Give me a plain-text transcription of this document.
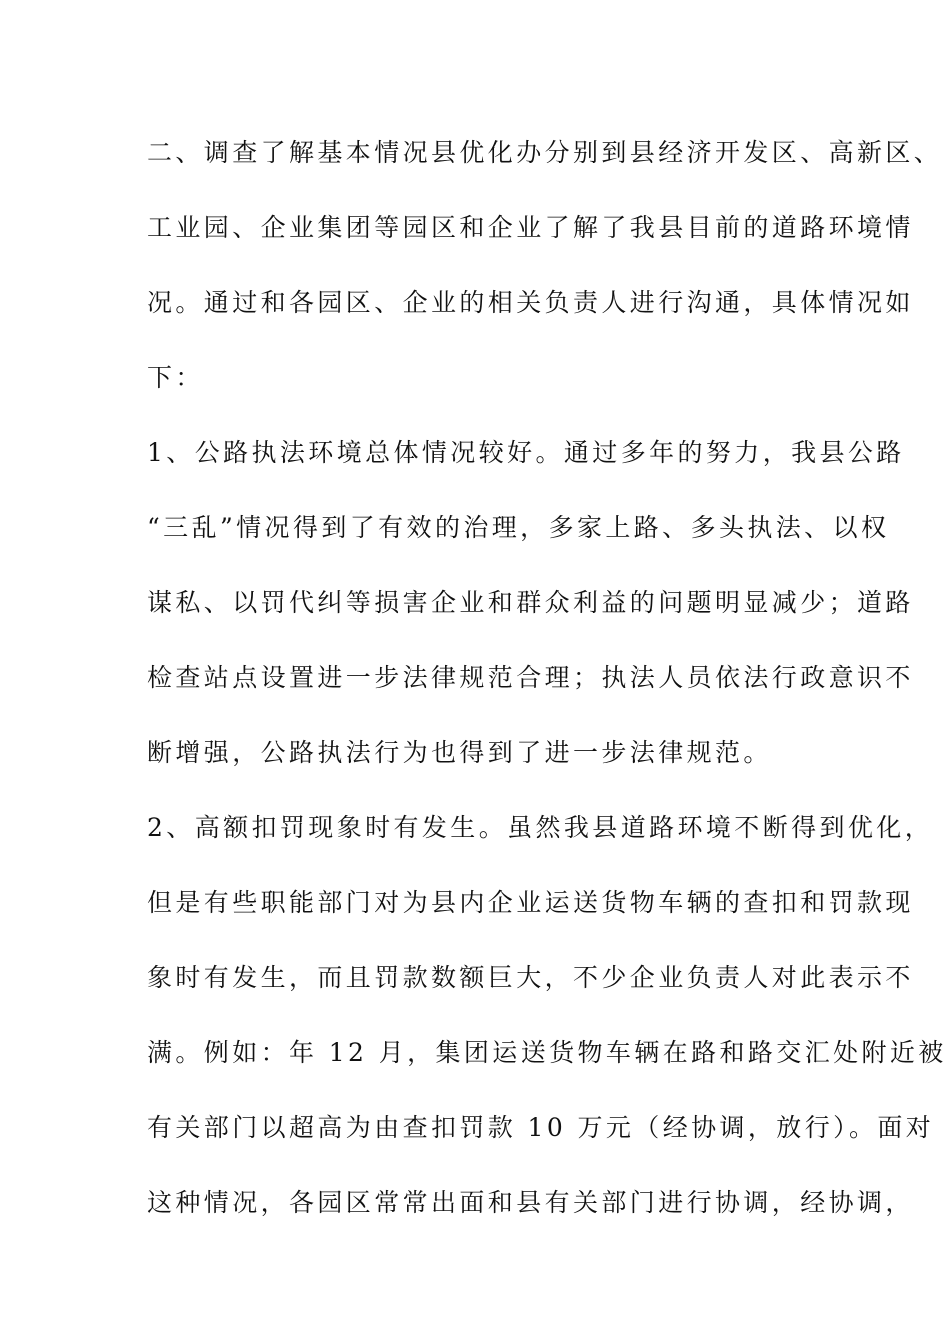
二、调查了解基本情况县优化办分别到县经济开发区、高新区、
工业园、企业集团等园区和企业了解了我县目前的道路环境情
况。通过和各园区、企业的相关负责人进行沟通，具体情况如
下：
1、公路执法环境总体情况较好。通过多年的努力，我县公路
“三乱”情况得到了有效的治理，多家上路、多头执法、以权
谋私、以罚代纠等损害企业和群众利益的问题明显减少；道路
检查站点设置进一步法律规范合理；执法人员依法行政意识不
断增强，公路执法行为也得到了进一步法律规范。
2、高额扣罚现象时有发生。虽然我县道路环境不断得到优化，
但是有些职能部门对为县内企业运送货物车辆的查扣和罚款现
象时有发生，而且罚款数额巨大，不少企业负责人对此表示不
满。例如：年 12 月，集团运送货物车辆在路和路交汇处附近被
有关部门以超高为由查扣罚款 10 万元（经协调，放行）。面对
这种情况，各园区常常出面和县有关部门进行协调，经协调，
